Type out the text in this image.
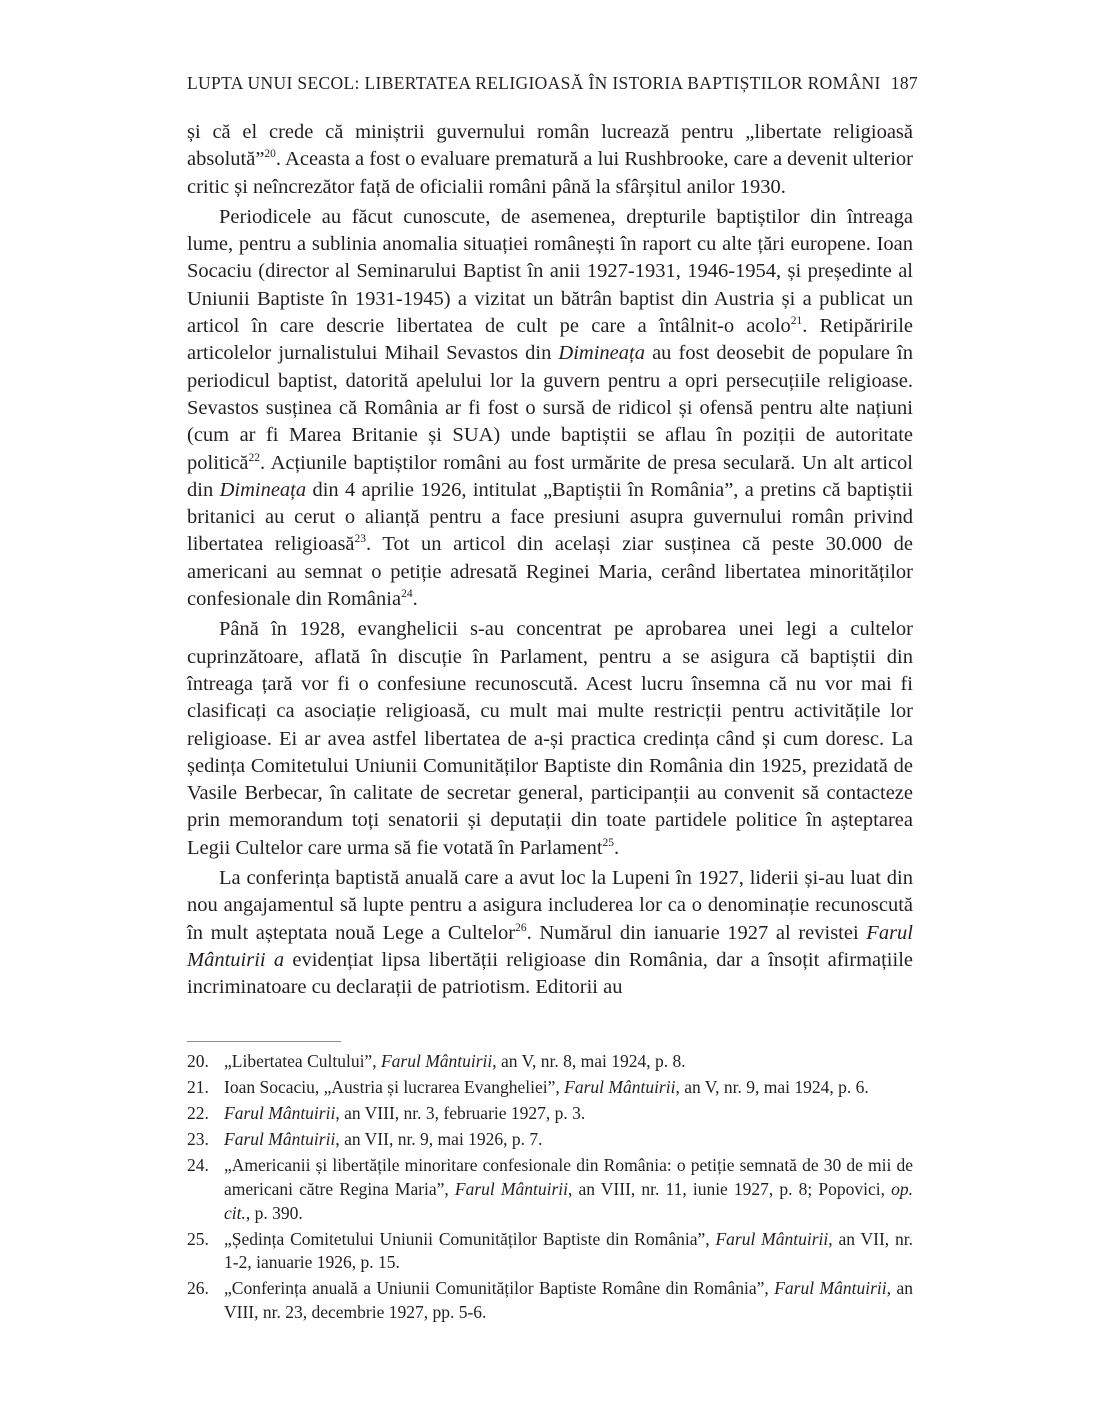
LUPTA UNUI SECOL: LIBERTATEA RELIGIOASĂ ÎN ISTORIA BAPTIȘTILOR ROMÂNI 187

și că el crede că miniștrii guvernului român lucrează pentru „libertate religioasă absolută”$^{20}$. Aceasta a fost o evaluare prematură a lui Rushbrooke, care a devenit ulterior critic și neîncrezător față de oficialii români până la sfârșitul anilor 1930.

Periodicele au făcut cunoscute, de asemenea, drepturile baptiștilor din întreaga lume, pentru a sublinia anomalia situației românești în raport cu alte țări europene. Ioan Socaciu (director al Seminarului Baptist în anii 1927-1931, 1946-1954, și președinte al Uniunii Baptiste în 1931-1945) a vizitat un bătrân baptist din Austria și a publicat un articol în care descrie libertatea de cult pe care a întâlnit-o acolo$^{21}$. Retipăririle articolelor jurnalistului Mihail Sevastos din Dimineața au fost deosebit de populare în periodicul baptist, datorită apelului lor la guvern pentru a opri persecuțiile religioase. Sevastos susținea că România ar fi fost o sursă de ridicol și ofensă pentru alte națiuni (cum ar fi Marea Britanie și SUA) unde baptiștii se aflau în poziții de autoritate politică$^{22}$. Acțiunile baptiștilor români au fost urmărite de presa seculară. Un alt articol din Dimineața din 4 aprilie 1926, intitulat „Baptiștii în România”, a pretins că baptiștii britanici au cerut o alianță pentru a face presiuni asupra guvernului român privind libertatea religioasă$^{23}$. Tot un articol din același ziar susținea că peste 30.000 de americani au semnat o petiție adresată Reginei Maria, cerând libertatea minorităților confesionale din România$^{24}$.

Până în 1928, evanghelicii s-au concentrat pe aprobarea unei legi a cultelor cuprinzătoare, aflată în discuție în Parlament, pentru a se asigura că baptiștii din întreaga țară vor fi o confesiune recunoscută. Acest lucru însemna că nu vor mai fi clasificați ca asociație religioasă, cu mult mai multe restricții pentru activitățile lor religioase. Ei ar avea astfel libertatea de a-și practica credința când și cum doresc. La ședința Comitetului Uniunii Comunităților Baptiste din România din 1925, prezidată de Vasile Berbecar, în calitate de secretar general, participanții au convenit să contacteze prin memorandum toți senatorii și deputații din toate partidele politice în așteptarea Legii Cultelor care urma să fie votată în Parlament$^{25}$.

La conferința baptistă anuală care a avut loc la Lupeni în 1927, liderii și-au luat din nou angajamentul să lupte pentru a asigura includerea lor ca o denominație recunoscută în mult așteptata nouă Lege a Cultelor$^{26}$. Numărul din ianuarie 1927 al revistei Farul Mântuirii a evidențiat lipsa libertății religioase din România, dar a însoțit afirmațiile incriminatoare cu declarații de patriotism. Editorii au

20. „Libertatea Cultului”, Farul Mântuirii, an V, nr. 8, mai 1924, p. 8.
21. Ioan Socaciu, „Austria și lucrarea Evangheliei”, Farul Mântuirii, an V, nr. 9, mai 1924, p. 6.
22. Farul Mântuirii, an VIII, nr. 3, februarie 1927, p. 3.
23. Farul Mântuirii, an VII, nr. 9, mai 1926, p. 7.
24. „Americanii și libertățile minoritare confesionale din România: o petiție semnată de 30 de mii de americani către Regina Maria”, Farul Mântuirii, an VIII, nr. 11, iunie 1927, p. 8; Popovici, op. cit., p. 390.
25. „Ședința Comitetului Uniunii Comunităților Baptiste din România”, Farul Mântuirii, an VII, nr. 1-2, ianuarie 1926, p. 15.
26. „Conferința anuală a Uniunii Comunităților Baptiste Române din România”, Farul Mântuirii, an VIII, nr. 23, decembrie 1927, pp. 5-6.
